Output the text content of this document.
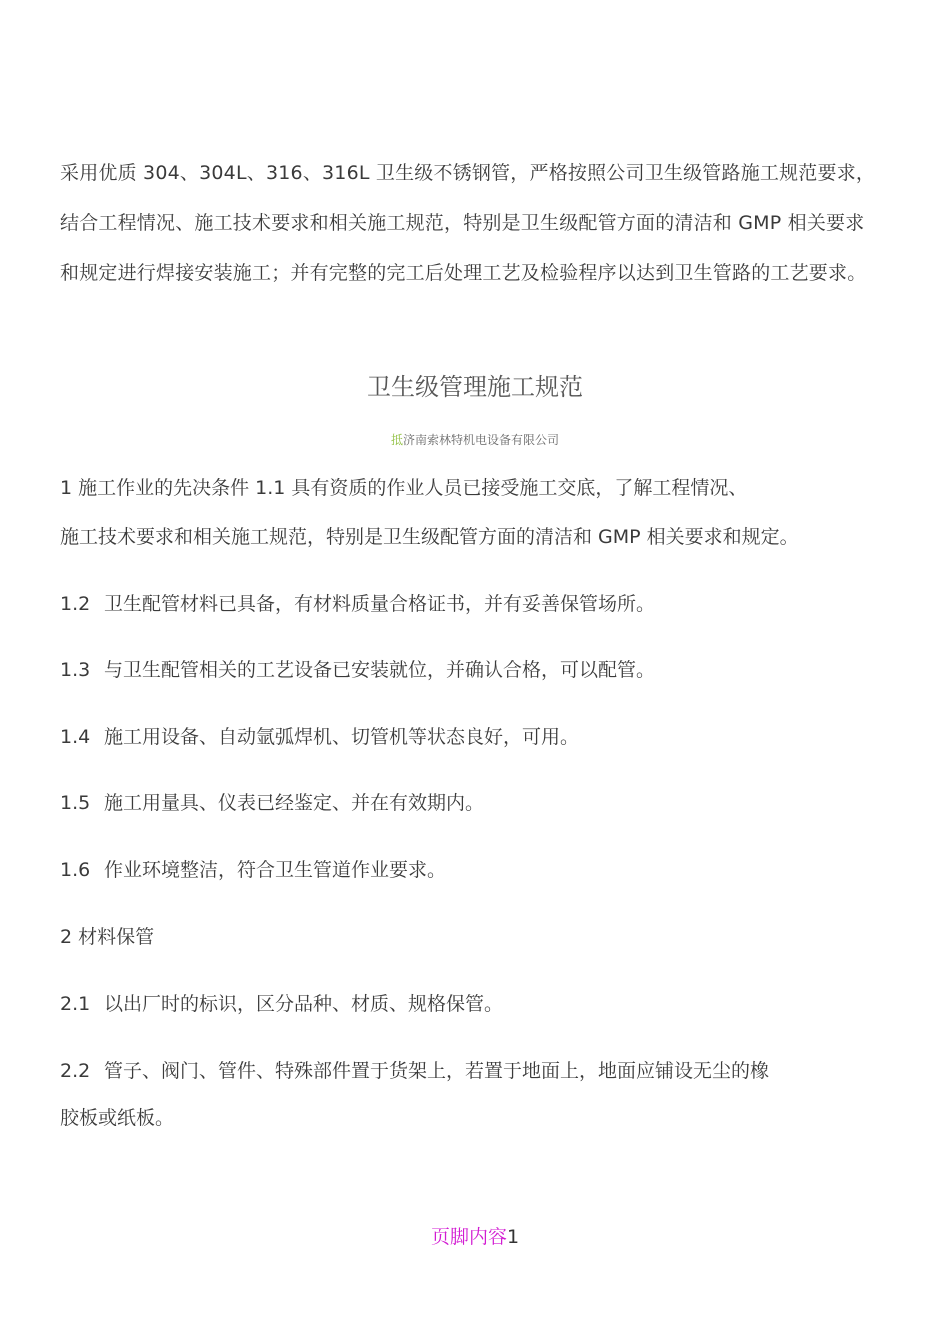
采用优质 304、304L、316、316L 卫生级不锈钢管，严格按照公司卫生级管路施工规范要求，
结合工程情况、施工技术要求和相关施工规范，特别是卫生级配管方面的清洁和 GMP 相关要求
和规定进行焊接安装施工；并有完整的完工后处理工艺及检验程序以达到卫生管路的工艺要求。
卫生级管理施工规范
抵济南索林特机电设备有限公司
1 施工作业的先决条件 1.1 具有资质的作业人员已接受施工交底，了解工程情况、
施工技术要求和相关施工规范，特别是卫生级配管方面的清洁和 GMP 相关要求和规定。
1.2 卫生配管材料已具备，有材料质量合格证书，并有妥善保管场所。
1.3 与卫生配管相关的工艺设备已安装就位，并确认合格，可以配管。
1.4 施工用设备、自动氩弧焊机、切管机等状态良好，可用。
1.5 施工用量具、仪表已经鉴定、并在有效期内。
1.6 作业环境整洁，符合卫生管道作业要求。
2 材料保管
2.1 以出厂时的标识，区分品种、材质、规格保管。
2.2 管子、阀门、管件、特殊部件置于货架上，若置于地面上，地面应铺设无尘的橡
胶板或纸板。
页脚内容1
